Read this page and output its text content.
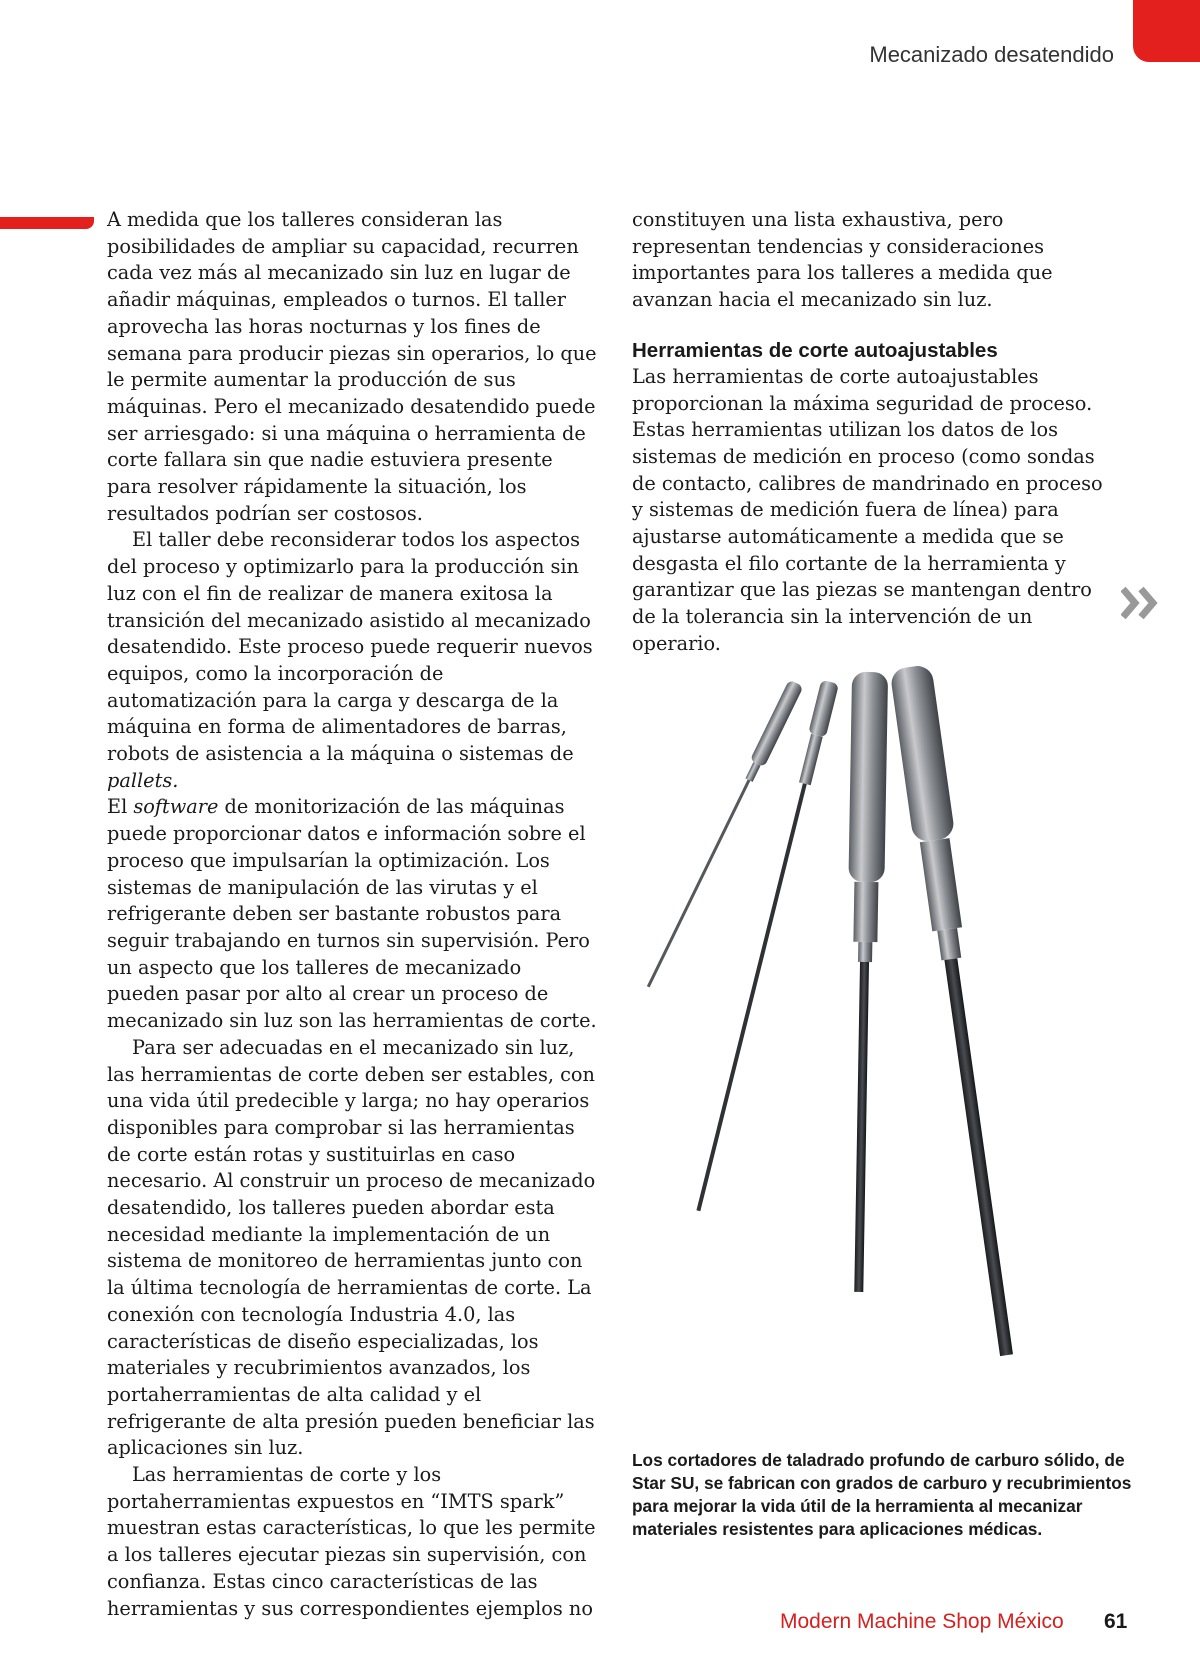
Mecanizado desatendido

A medida que los talleres consideran las posibilidades de ampliar su capacidad, recurren cada vez más al mecanizado sin luz en lugar de añadir máquinas, empleados o turnos. El taller aprovecha las horas nocturnas y los fines de semana para producir piezas sin operarios, lo que le permite aumentar la producción de sus máquinas. Pero el mecanizado desatendido puede ser arriesgado: si una máquina o herramienta de corte fallara sin que nadie estuviera presente para resolver rápidamente la situación, los resultados podrían ser costosos.

El taller debe reconsiderar todos los aspectos del proceso y optimizarlo para la producción sin luz con el fin de realizar de manera exitosa la transición del mecanizado asistido al mecanizado desatendido. Este proceso puede requerir nuevos equipos, como la incorporación de automatización para la carga y descarga de la máquina en forma de alimentadores de barras, robots de asistencia a la máquina o sistemas de pallets.

El software de monitorización de las máquinas puede proporcionar datos e información sobre el proceso que impulsarían la optimización. Los sistemas de manipulación de las virutas y el refrigerante deben ser bastante robustos para seguir trabajando en turnos sin supervisión. Pero un aspecto que los talleres de mecanizado pueden pasar por alto al crear un proceso de mecanizado sin luz son las herramientas de corte.

Para ser adecuadas en el mecanizado sin luz, las herramientas de corte deben ser estables, con una vida útil predecible y larga; no hay operarios disponibles para comprobar si las herramientas de corte están rotas y sustituirlas en caso necesario. Al construir un proceso de mecanizado desatendido, los talleres pueden abordar esta necesidad mediante la implementación de un sistema de monitoreo de herramientas junto con la última tecnología de herramientas de corte. La conexión con tecnología Industria 4.0, las características de diseño especializadas, los materiales y recubrimientos avanzados, los portaherramientas de alta calidad y el refrigerante de alta presión pueden beneficiar las aplicaciones sin luz.

Las herramientas de corte y los portaherramientas expuestos en “IMTS spark” muestran estas características, lo que les permite a los talleres ejecutar piezas sin supervisión, con confianza. Estas cinco características de las herramientas y sus correspondientes ejemplos no

constituyen una lista exhaustiva, pero representan tendencias y consideraciones importantes para los talleres a medida que avanzan hacia el mecanizado sin luz.

Herramientas de corte autoajustables

Las herramientas de corte autoajustables proporcionan la máxima seguridad de proceso. Estas herramientas utilizan los datos de los sistemas de medición en proceso (como sondas de contacto, calibres de mandrinado en proceso y sistemas de medición fuera de línea) para ajustarse automáticamente a medida que se desgasta el filo cortante de la herramienta y garantizar que las piezas se mantengan dentro de la tolerancia sin la intervención de un operario.

Los cortadores de taladrado profundo de carburo sólido, de Star SU, se fabrican con grados de carburo y recubrimientos para mejorar la vida útil de la herramienta al mecanizar materiales resistentes para aplicaciones médicas.
Modern Machine Shop México 61
